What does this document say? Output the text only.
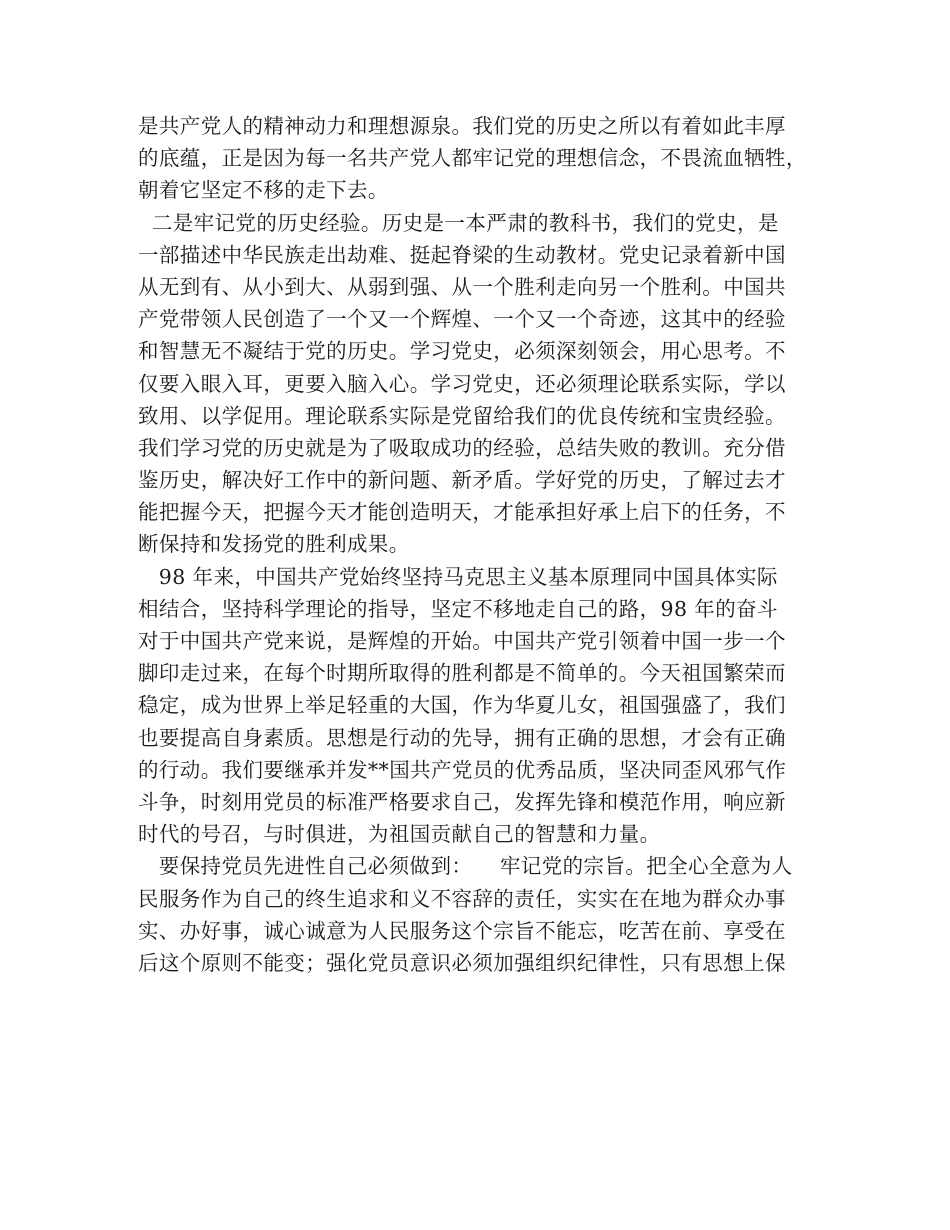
是共产党人的精神动力和理想源泉。我们党的历史之所以有着如此丰厚
的底蕴，正是因为每一名共产党人都牢记党的理想信念，不畏流血牺牲，
朝着它坚定不移的走下去。
二是牢记党的历史经验。历史是一本严肃的教科书，我们的党史，是
一部描述中华民族走出劫难、挺起脊梁的生动教材。党史记录着新中国
从无到有、从小到大、从弱到强、从一个胜利走向另一个胜利。中国共
产党带领人民创造了一个又一个辉煌、一个又一个奇迹，这其中的经验
和智慧无不凝结于党的历史。学习党史，必须深刻领会，用心思考。不
仅要入眼入耳，更要入脑入心。学习党史，还必须理论联系实际，学以
致用、以学促用。理论联系实际是党留给我们的优良传统和宝贵经验。
我们学习党的历史就是为了吸取成功的经验，总结失败的教训。充分借
鉴历史，解决好工作中的新问题、新矛盾。学好党的历史，了解过去才
能把握今天，把握今天才能创造明天，才能承担好承上启下的任务，不
断保持和发扬党的胜利成果。
98 年来，中国共产党始终坚持马克思主义基本原理同中国具体实际
相结合，坚持科学理论的指导，坚定不移地走自己的路，98 年的奋斗
对于中国共产党来说，是辉煌的开始。中国共产党引领着中国一步一个
脚印走过来，在每个时期所取得的胜利都是不简单的。今天祖国繁荣而
稳定，成为世界上举足轻重的大国，作为华夏儿女，祖国强盛了，我们
也要提高自身素质。思想是行动的先导，拥有正确的思想，才会有正确
的行动。我们要继承并发**国共产党员的优秀品质，坚决同歪风邪气作
斗争，时刻用党员的标准严格要求自己，发挥先锋和模范作用，响应新
时代的号召，与时俱进，为祖国贡献自己的智慧和力量。
要保持党员先进性自己必须做到：    牢记党的宗旨。把全心全意为人
民服务作为自己的终生追求和义不容辞的责任，实实在在地为群众办事
实、办好事，诚心诚意为人民服务这个宗旨不能忘，吃苦在前、享受在
后这个原则不能变；强化党员意识必须加强组织纪律性，只有思想上保
